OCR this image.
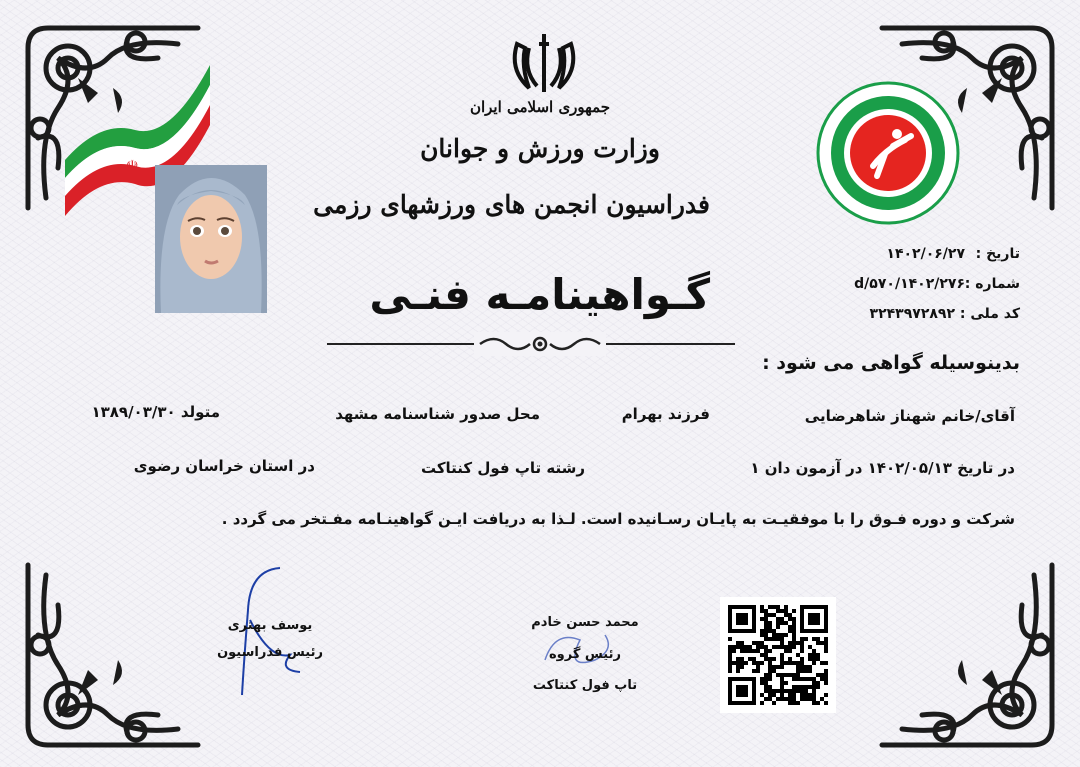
☫
جمهوری اسلامی ایران
وزارت ورزش و جوانان
فدراسیون انجمن های ورزشهای رزمی
گـواهینامـه فنـی
تاریخ :
۱۴۰۲/۰۶/۲۷
شماره :
۱۴۰۲/۲۷۶/d/۵۷۰
کد ملی :
۳۲۴۳۹۷۲۸۹۲
بدینوسیله گواهی می شود :
آقای/خانم شهناز شاهرضایی
فرزند بهرام
محل صدور شناسنامه مشهد
متولد ۱۳۸۹/۰۳/۳۰
در تاریخ ۱۴۰۲/۰۵/۱۳ در آزمون دان ۱
رشته تاپ فول کنتاکت
در استان خراسان رضوی
شرکت و دوره فـوق را با موفقیـت به پایـان رسـانیده است. لـذا به دریافت ایـن گواهینـامه مفـتخر می گردد .
یوسف بهتری
رئیس فدراسیون
محمد حسن خادم
رئیس گروه
تاپ فول کنتاکت
